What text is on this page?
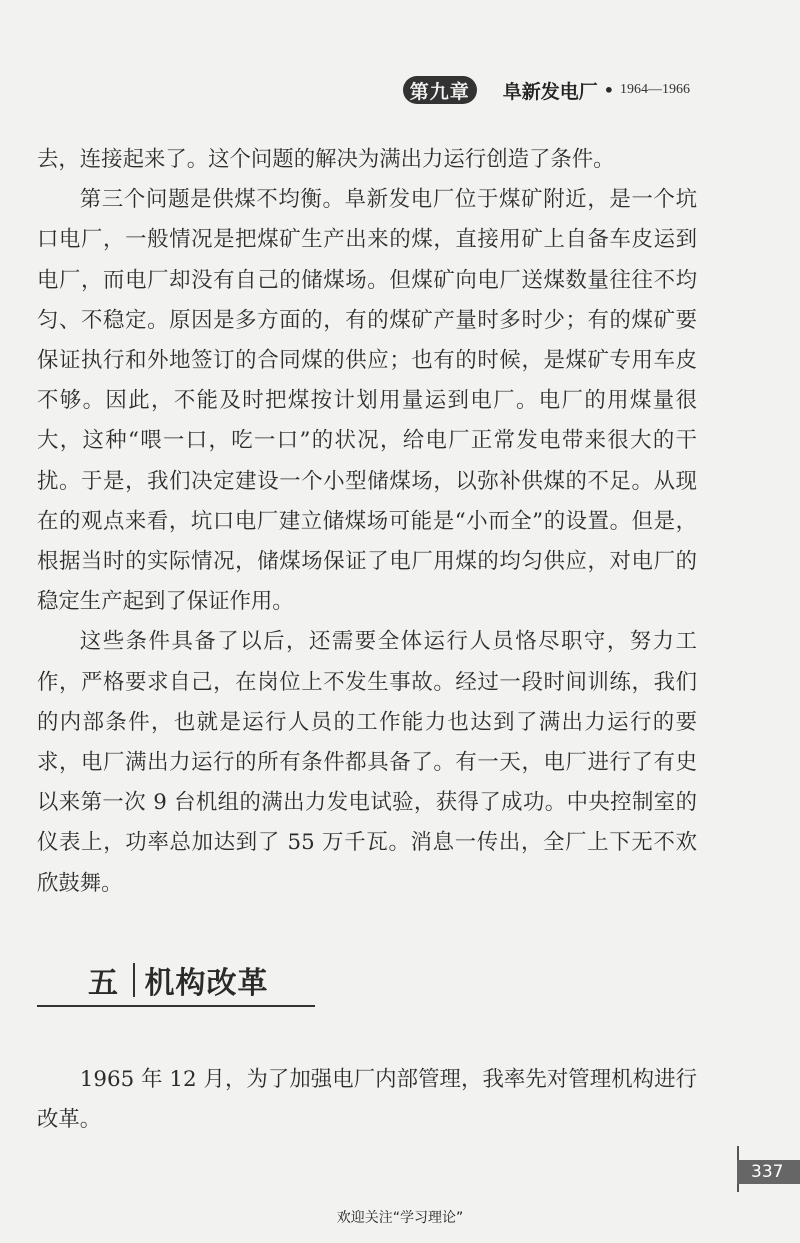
第九章	阜新发电厂 • 1964—1966

去，连接起来了。这个问题的解决为满出力运行创造了条件。

第三个问题是供煤不均衡。阜新发电厂位于煤矿附近，是一个坑口电厂，一般情况是把煤矿生产出来的煤，直接用矿上自备车皮运到电厂，而电厂却没有自己的储煤场。但煤矿向电厂送煤数量往往不均匀、不稳定。原因是多方面的，有的煤矿产量时多时少；有的煤矿要保证执行和外地签订的合同煤的供应；也有的时候，是煤矿专用车皮不够。因此，不能及时把煤按计划用量运到电厂。电厂的用煤量很大，这种“喂一口，吃一口”的状况，给电厂正常发电带来很大的干扰。于是，我们决定建设一个小型储煤场，以弥补供煤的不足。从现在的观点来看，坑口电厂建立储煤场可能是“小而全”的设置。但是，根据当时的实际情况，储煤场保证了电厂用煤的均匀供应，对电厂的稳定生产起到了保证作用。

这些条件具备了以后，还需要全体运行人员恪尽职守，努力工作，严格要求自己，在岗位上不发生事故。经过一段时间训练，我们的内部条件，也就是运行人员的工作能力也达到了满出力运行的要求，电厂满出力运行的所有条件都具备了。有一天，电厂进行了有史以来第一次 9 台机组的满出力发电试验，获得了成功。中央控制室的仪表上，功率总加达到了 55 万千瓦。消息一传出，全厂上下无不欢欣鼓舞。

五 机构改革

1965 年 12 月，为了加强电厂内部管理，我率先对管理机构进行改革。

337
欢迎关注“学习理论”
